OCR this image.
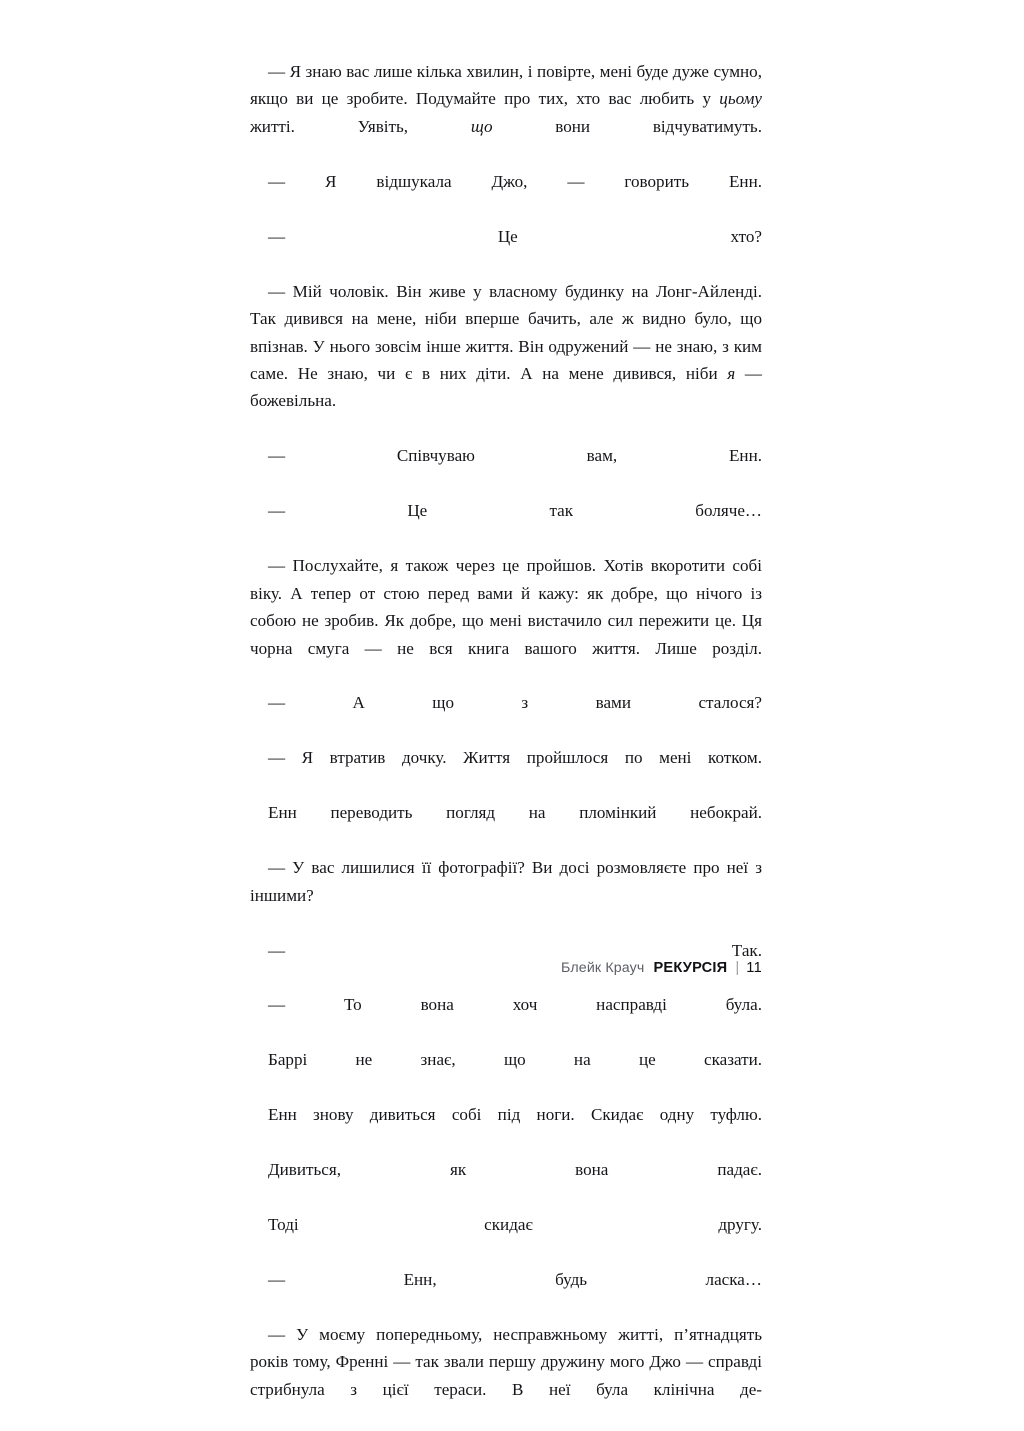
— Я знаю вас лише кілька хвилин, і повірте, мені буде дуже сумно, якщо ви це зробите. Подумайте про тих, хто вас любить у цьому житті. Уявіть, що вони відчуватимуть.

— Я відшукала Джо, — говорить Енн.

— Це хто?

— Мій чоловік. Він живе у власному будинку на Лонг-Айленді. Так дивився на мене, ніби вперше бачить, але ж видно було, що впізнав. У нього зовсім інше життя. Він одружений — не знаю, з ким саме. Не знаю, чи є в них діти. А на мене дивився, ніби я — божевільна.

— Співчуваю вам, Енн.

— Це так боляче…

— Послухайте, я також через це пройшов. Хотів вкоротити собі віку. А тепер от стою перед вами й кажу: як добре, що нічого із собою не зробив. Як добре, що мені вистачило сил пережити це. Ця чорна смуга — не вся книга вашого життя. Лише розділ.

— А що з вами сталося?

— Я втратив дочку. Життя пройшлося по мені котком.

Енн переводить погляд на пломінкий небокрай.

— У вас лишилися її фотографії? Ви досі розмовляєте про неї з іншими?

— Так.

— То вона хоч насправді була.

Баррі не знає, що на це сказати.

Енн знову дивиться собі під ноги. Скидає одну туфлю.

Дивиться, як вона падає.

Тоді скидає другу.

— Енн, будь ласка…

— У моєму попередньому, несправжньому житті, п’ятнадцять років тому, Френні — так звали першу дружину мого Джо — справді стрибнула з цієї тераси. В неї була клінічна де-

Блейк Крауч РЕКУРСІЯ | 11
